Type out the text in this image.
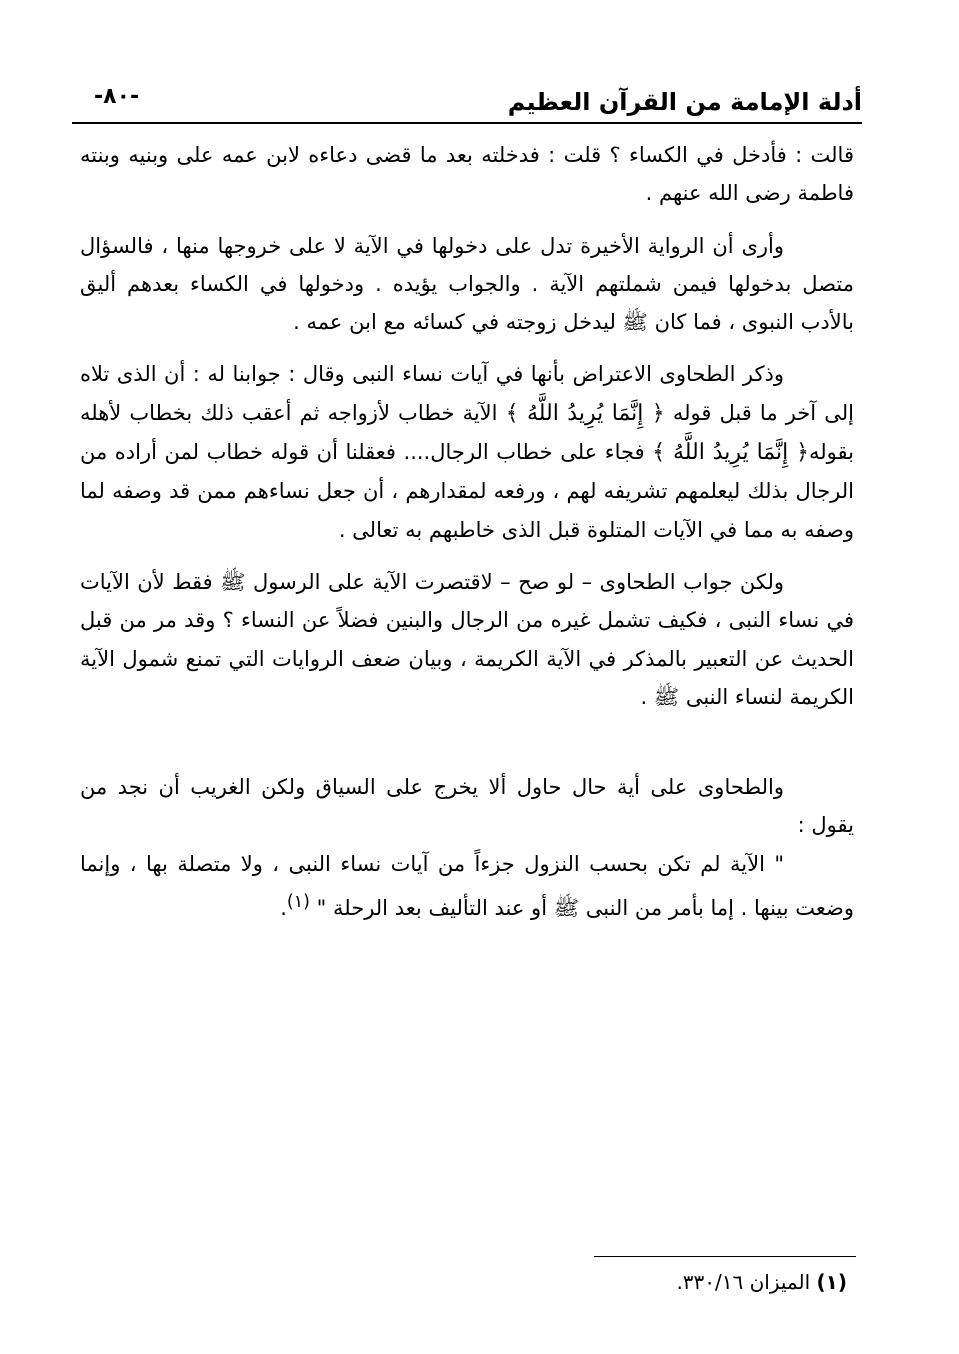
أدلة الإمامة من القرآن العظيم
-٨٠-

قالت : فأدخل في الكساء ؟ قلت : فدخلته بعد ما قضى دعاءه لابن عمه على وبنيه وبنته فاطمة رضى الله عنهم .

وأرى أن الرواية الأخيرة تدل على دخولها في الآية لا على خروجها منها ، فالسؤال متصل بدخولها فيمن شملتهم الآية . والجواب يؤيده . ودخولها في الكساء بعدهم أليق بالأدب النبوى ، فما كان ﷺ ليدخل زوجته في كسائه مع ابن عمه .

وذكر الطحاوى الاعتراض بأنها في آيات نساء النبى وقال : جوابنا له : أن الذى تلاه إلى آخر ما قبل قوله ﴿ إِنَّمَا يُرِيدُ اللَّهُ ﴾ الآية خطاب لأزواجه ثم أعقب ذلك بخطاب لأهله بقوله﴿ إِنَّمَا يُرِيدُ اللَّهُ ﴾ فجاء على خطاب الرجال.... فعقلنا أن قوله خطاب لمن أراده من الرجال بذلك ليعلمهم تشريفه لهم ، ورفعه لمقدارهم ، أن جعل نساءهم ممن قد وصفه لما وصفه به مما في الآيات المتلوة قبل الذى خاطبهم به تعالى .

ولكن جواب الطحاوى – لو صح – لاقتصرت الآية على الرسول ﷺ فقط لأن الآيات في نساء النبى ، فكيف تشمل غيره من الرجال والبنين فضلاً عن النساء ؟ وقد مر من قبل الحديث عن التعبير بالمذكر في الآية الكريمة ، وبيان ضعف الروايات التي تمنع شمول الآية الكريمة لنساء النبى ﷺ .

والطحاوى على أية حال حاول ألا يخرج على السياق ولكن الغريب أن نجد من يقول :

" الآية لم تكن بحسب النزول جزءاً من آيات نساء النبى ، ولا متصلة بها ، وإنما وضعت بينها . إما بأمر من النبى ﷺ أو عند التأليف بعد الرحلة " $^{(١)}$.

(١) الميزان ٣٣٠/١٦.
